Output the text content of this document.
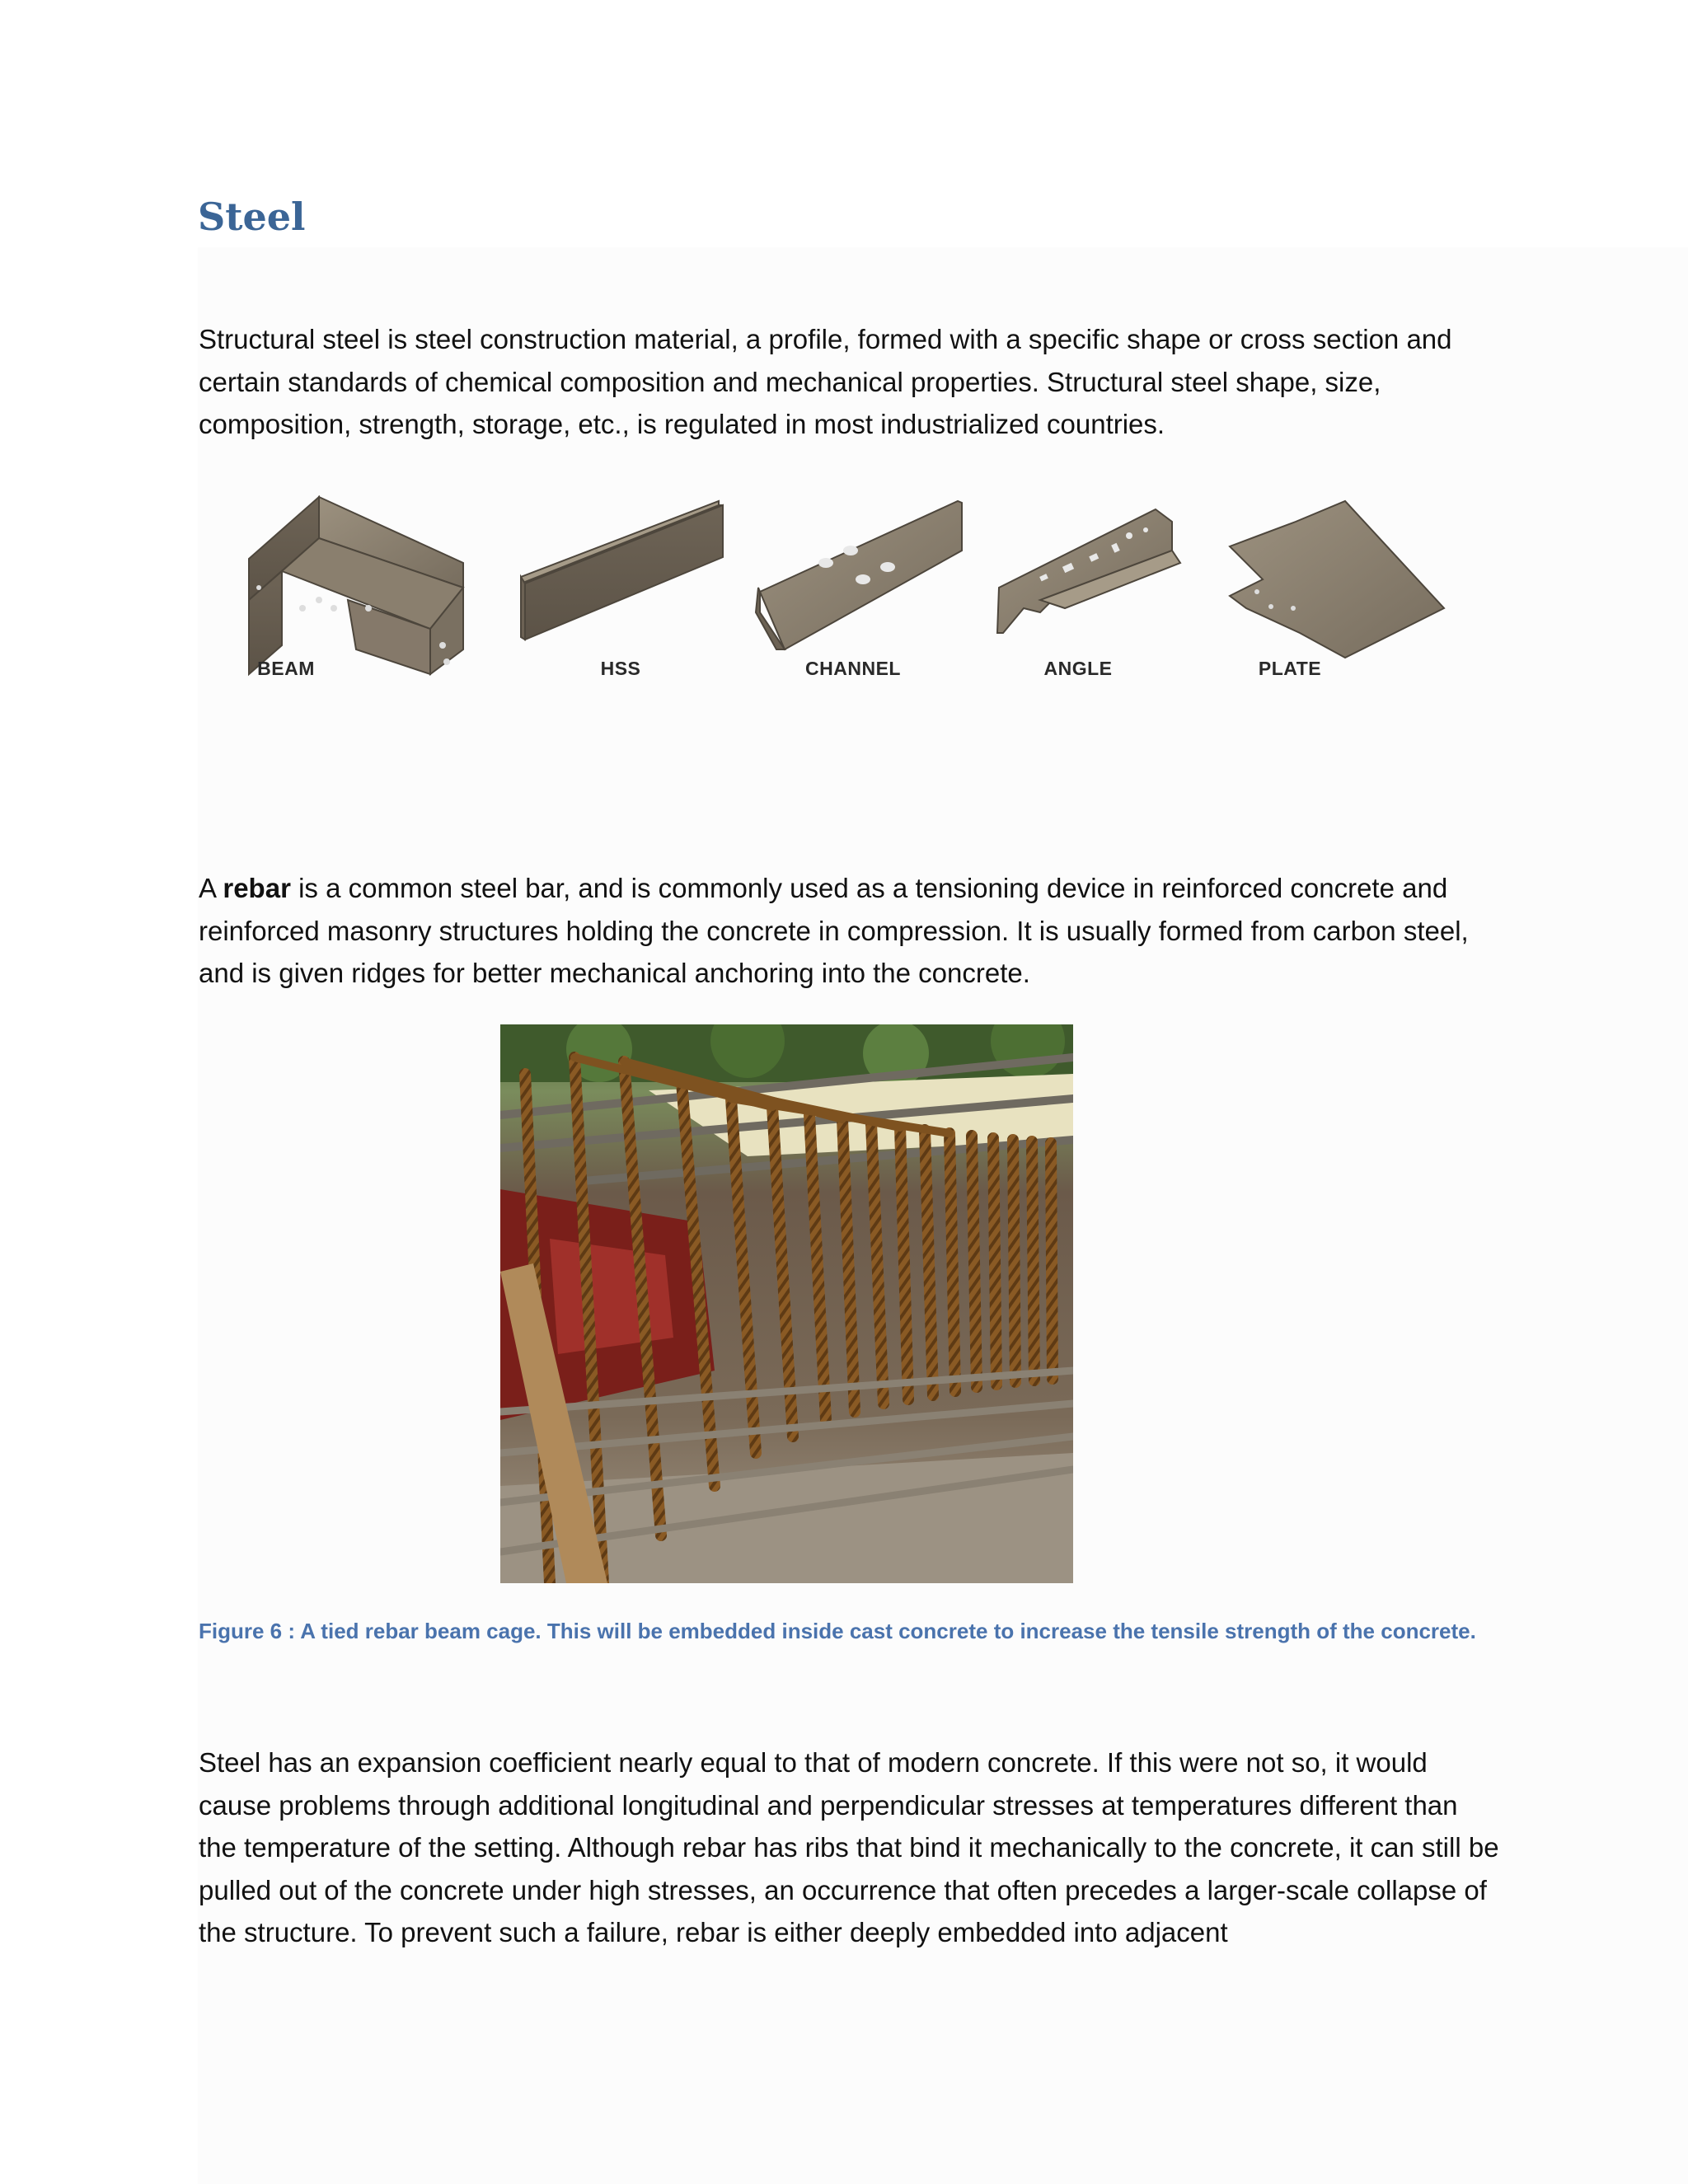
Steel

Structural steel is steel construction material, a profile, formed with a specific shape or cross section and certain standards of chemical composition and mechanical properties. Structural steel shape, size, composition, strength, storage, etc., is regulated in most industrialized countries.

BEAM	HSS	CHANNEL	ANGLE	PLATE

A rebar is a common steel bar, and is commonly used as a tensioning device in reinforced concrete and reinforced masonry structures holding the concrete in compression. It is usually formed from carbon steel, and is given ridges for better mechanical anchoring into the concrete.

Figure 6 : A tied rebar beam cage. This will be embedded inside cast concrete to increase the tensile strength of the concrete.

Steel has an expansion coefficient nearly equal to that of modern concrete. If this were not so, it would cause problems through additional longitudinal and perpendicular stresses at temperatures different than the temperature of the setting. Although rebar has ribs that bind it mechanically to the concrete, it can still be pulled out of the concrete under high stresses, an occurrence that often precedes a larger-scale collapse of the structure. To prevent such a failure, rebar is either deeply embedded into adjacent
